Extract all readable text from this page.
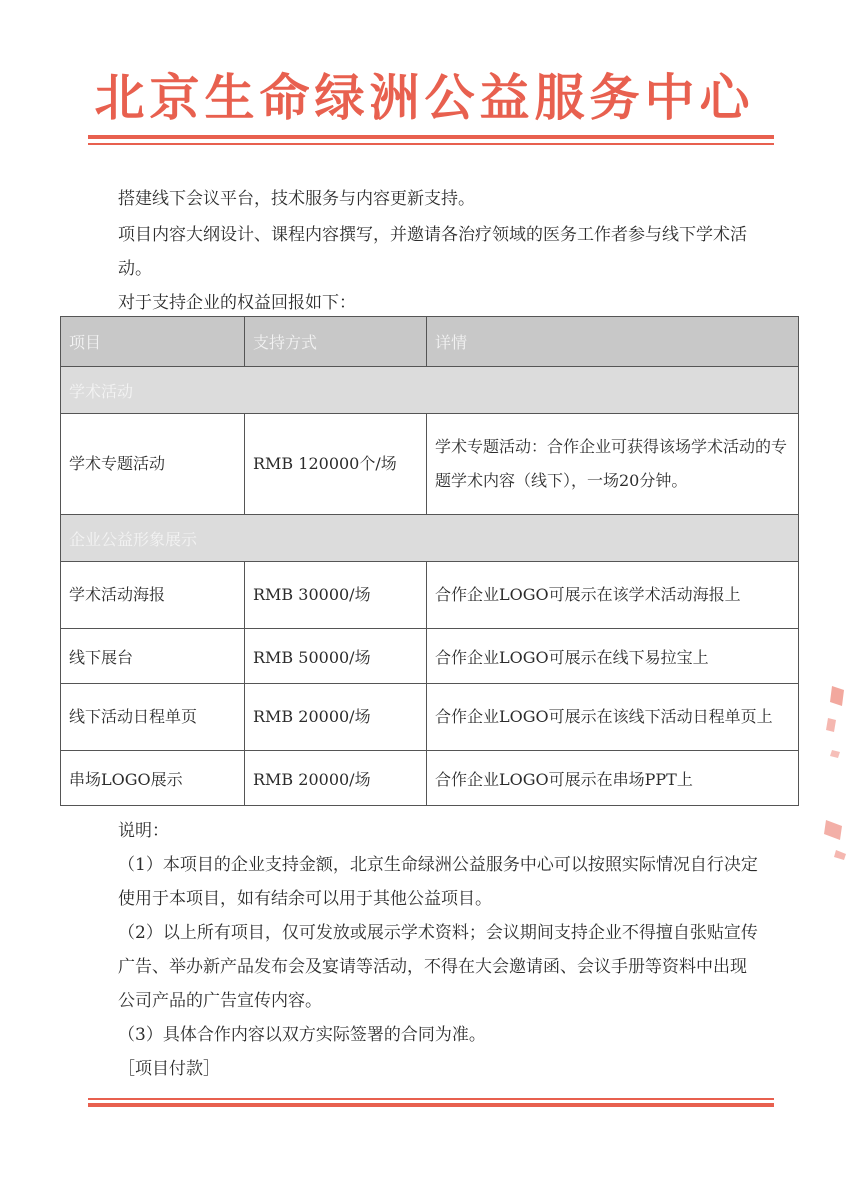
北京生命绿洲公益服务中心
搭建线下会议平台，技术服务与内容更新支持。
项目内容大纲设计、课程内容撰写，并邀请各治疗领域的医务工作者参与线下学术活动。
对于支持企业的权益回报如下：
项目	支持方式	详情
学术活动		
学术专题活动	RMB 120000个/场	学术专题活动：合作企业可获得该场学术活动的专题学术内容（线下），一场20分钟。
企业公益形象展示		
学术活动海报	RMB 30000/场	合作企业LOGO可展示在该学术活动海报上
线下展台	RMB 50000/场	合作企业LOGO可展示在线下易拉宝上
线下活动日程单页	RMB 20000/场	合作企业LOGO可展示在该线下活动日程单页上
串场LOGO展示	RMB 20000/场	合作企业LOGO可展示在串场PPT上
说明：
（1）本项目的企业支持金额，北京生命绿洲公益服务中心可以按照实际情况自行决定使用于本项目，如有结余可以用于其他公益项目。
（2）以上所有项目，仅可发放或展示学术资料；会议期间支持企业不得擅自张贴宣传广告、举办新产品发布会及宴请等活动，不得在大会邀请函、会议手册等资料中出现公司产品的广告宣传内容。
（3）具体合作内容以双方实际签署的合同为准。
［项目付款］
